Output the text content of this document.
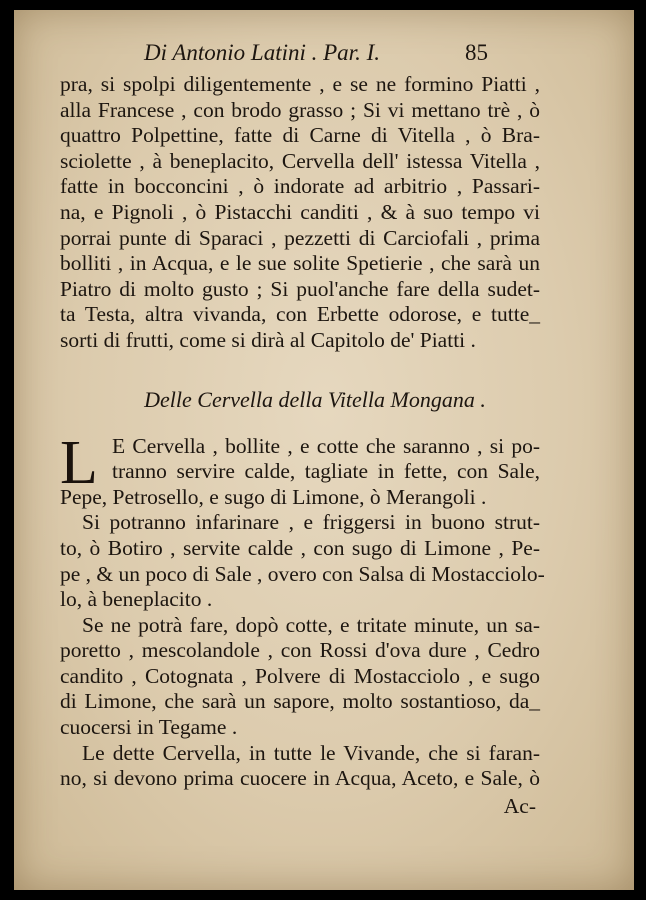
Di Antonio Latini . Par. I.	85
pra, si spolpi diligentemente , e se ne formino Piatti ,
alla Francese , con brodo grasso ; Si vi mettano trè , ò
quattro Polpettine, fatte di Carne di Vitella , ò Bra-
sciolette , à beneplacito, Cervella dell' istessa Vitella ,
fatte in bocconcini , ò indorate ad arbitrio , Passari-
na, e Pignoli , ò Pistacchi canditi , & à suo tempo vi
porrai punte di Sparaci , pezzetti di Carciofali , prima
bolliti , in Acqua, e le sue solite Spetierie , che sarà un
Piatro di molto gusto ; Si puol'anche fare della sudet-
ta Testa, altra vivanda, con Erbette odorose, e tutte_
sorti di frutti, come si dirà al Capitolo de' Piatti .
Delle Cervella della Vitella Mongana .
L E Cervella , bollite , e cotte che saranno , si po-
tranno servire calde, tagliate in fette, con Sale,
Pepe, Petrosello, e sugo di Limone, ò Merangoli .
Si potranno infarinare , e friggersi in buono strut-
to, ò Botiro , servite calde , con sugo di Limone , Pe-
pe , & un poco di Sale , overo con Salsa di Mostacciolo-
lo, à beneplacito .
Se ne potrà fare, dopò cotte, e tritate minute, un sa-
poretto , mescolandole , con Rossi d'ova dure , Cedro
candito , Cotognata , Polvere di Mostacciolo , e sugo
di Limone, che sarà un sapore, molto sostantioso, da_
cuocersi in Tegame .
Le dette Cervella, in tutte le Vivande, che si faran-
no, si devono prima cuocere in Acqua, Aceto, e Sale, ò
Ac-
